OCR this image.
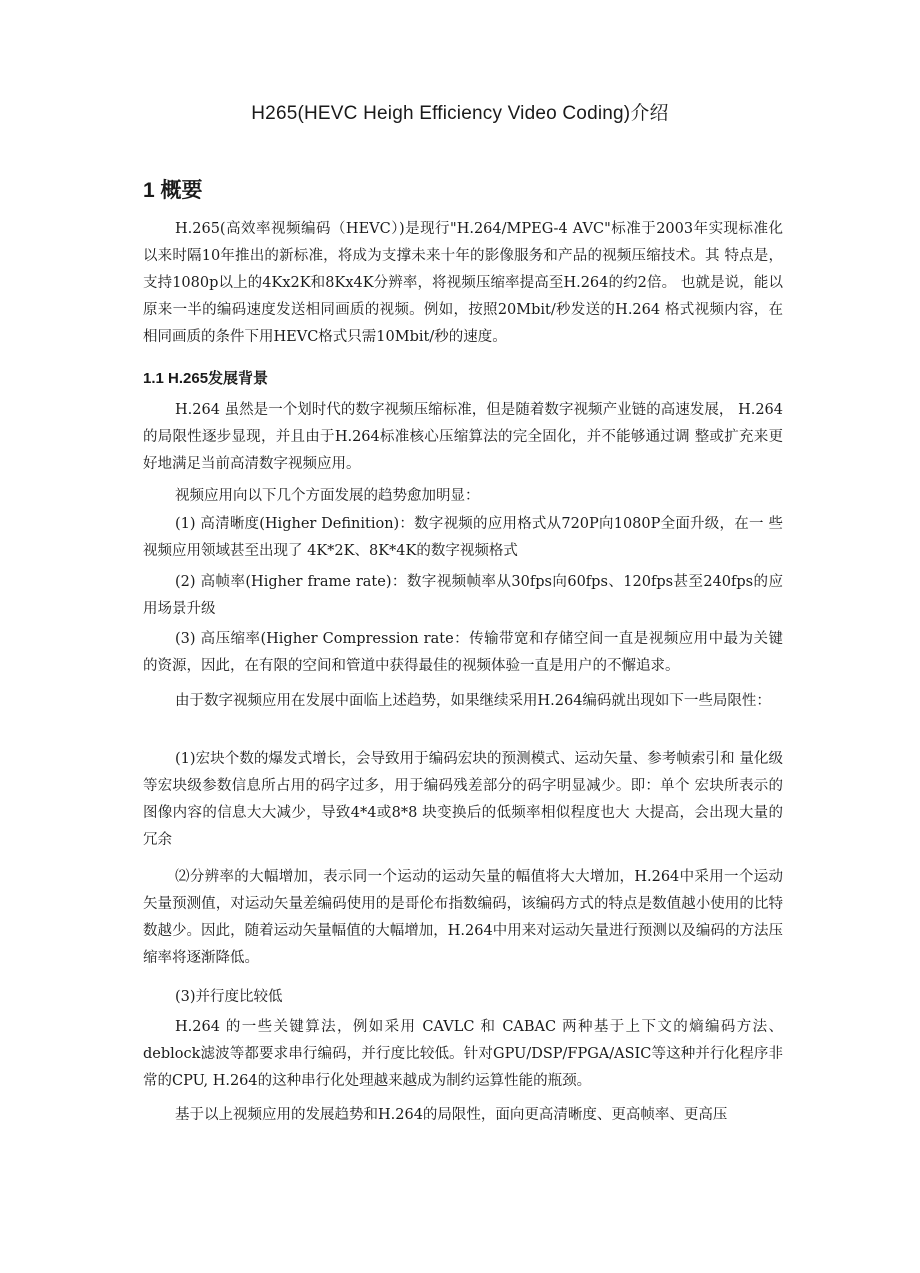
H265(HEVC Heigh Efficiency Video Coding)介绍
1 概要

H.265(高效率视频编码（HEVC）)是现行"H.264/MPEG-4 AVC"标准于2003年实现标准化 以来时隔10年推出的新标准，将成为支撑未来十年的影像服务和产品的视频压缩技术。其 特点是，支持1080p以上的4Kx2K和8Kx4K分辨率，将视频压缩率提高至H.264的约2倍。 也就是说，能以原来一半的编码速度发送相同画质的视频。例如，按照20Mbit/秒发送的H.264 格式视频内容，在相同画质的条件下用HEVC格式只需10Mbit/秒的速度。

1.1 H.265发展背景

H.264 虽然是一个划时代的数字视频压缩标准，但是随着数字视频产业链的高速发展， H.264的局限性逐步显现，并且由于H.264标准核心压缩算法的完全固化，并不能够通过调 整或扩充来更好地满足当前高清数字视频应用。

视频应用向以下几个方面发展的趋势愈加明显：

(1) 高清晰度(Higher Definition)：数字视频的应用格式从720P向1080P全面升级，在一 些视频应用领域甚至出现了 4K*2K、8K*4K的数字视频格式

(2) 高帧率(Higher frame rate)：数字视频帧率从30fps向60fps、120fps甚至240fps的应 用场景升级

(3) 高压缩率(Higher Compression rate：传输带宽和存储空间一直是视频应用中最为关键的资源，因此，在有限的空间和管道中获得最佳的视频体验一直是用户的不懈追求。

由于数字视频应用在发展中面临上述趋势，如果继续采用H.264编码就出现如下一些局限性：

(1)宏块个数的爆发式增长，会导致用于编码宏块的预测模式、运动矢量、参考帧索引和 量化级等宏块级参数信息所占用的码字过多，用于编码残差部分的码字明显减少。即：单个 宏块所表示的图像内容的信息大大减少，导致4*4或8*8 块变换后的低频率相似程度也大 大提高，会出现大量的冗余

⑵分辨率的大幅增加，表示同一个运动的运动矢量的幅值将大大增加，H.264中采用一个运动矢量预测值，对运动矢量差编码使用的是哥伦布指数编码，该编码方式的特点是数值越小使用的比特数越少。因此，随着运动矢量幅值的大幅增加，H.264中用来对运动矢量进行预测以及编码的方法压缩率将逐渐降低。

(3)并行度比较低

H.264 的一些关键算法，例如采用 CAVLC 和 CABAC 两种基于上下文的熵编码方法、deblock滤波等都要求串行编码，并行度比较低。针对GPU/DSP/FPGA/ASIC等这种并行化程序非常的CPU, H.264的这种串行化处理越来越成为制约运算性能的瓶颈。

基于以上视频应用的发展趋势和H.264的局限性，面向更高清晰度、更高帧率、更高压
